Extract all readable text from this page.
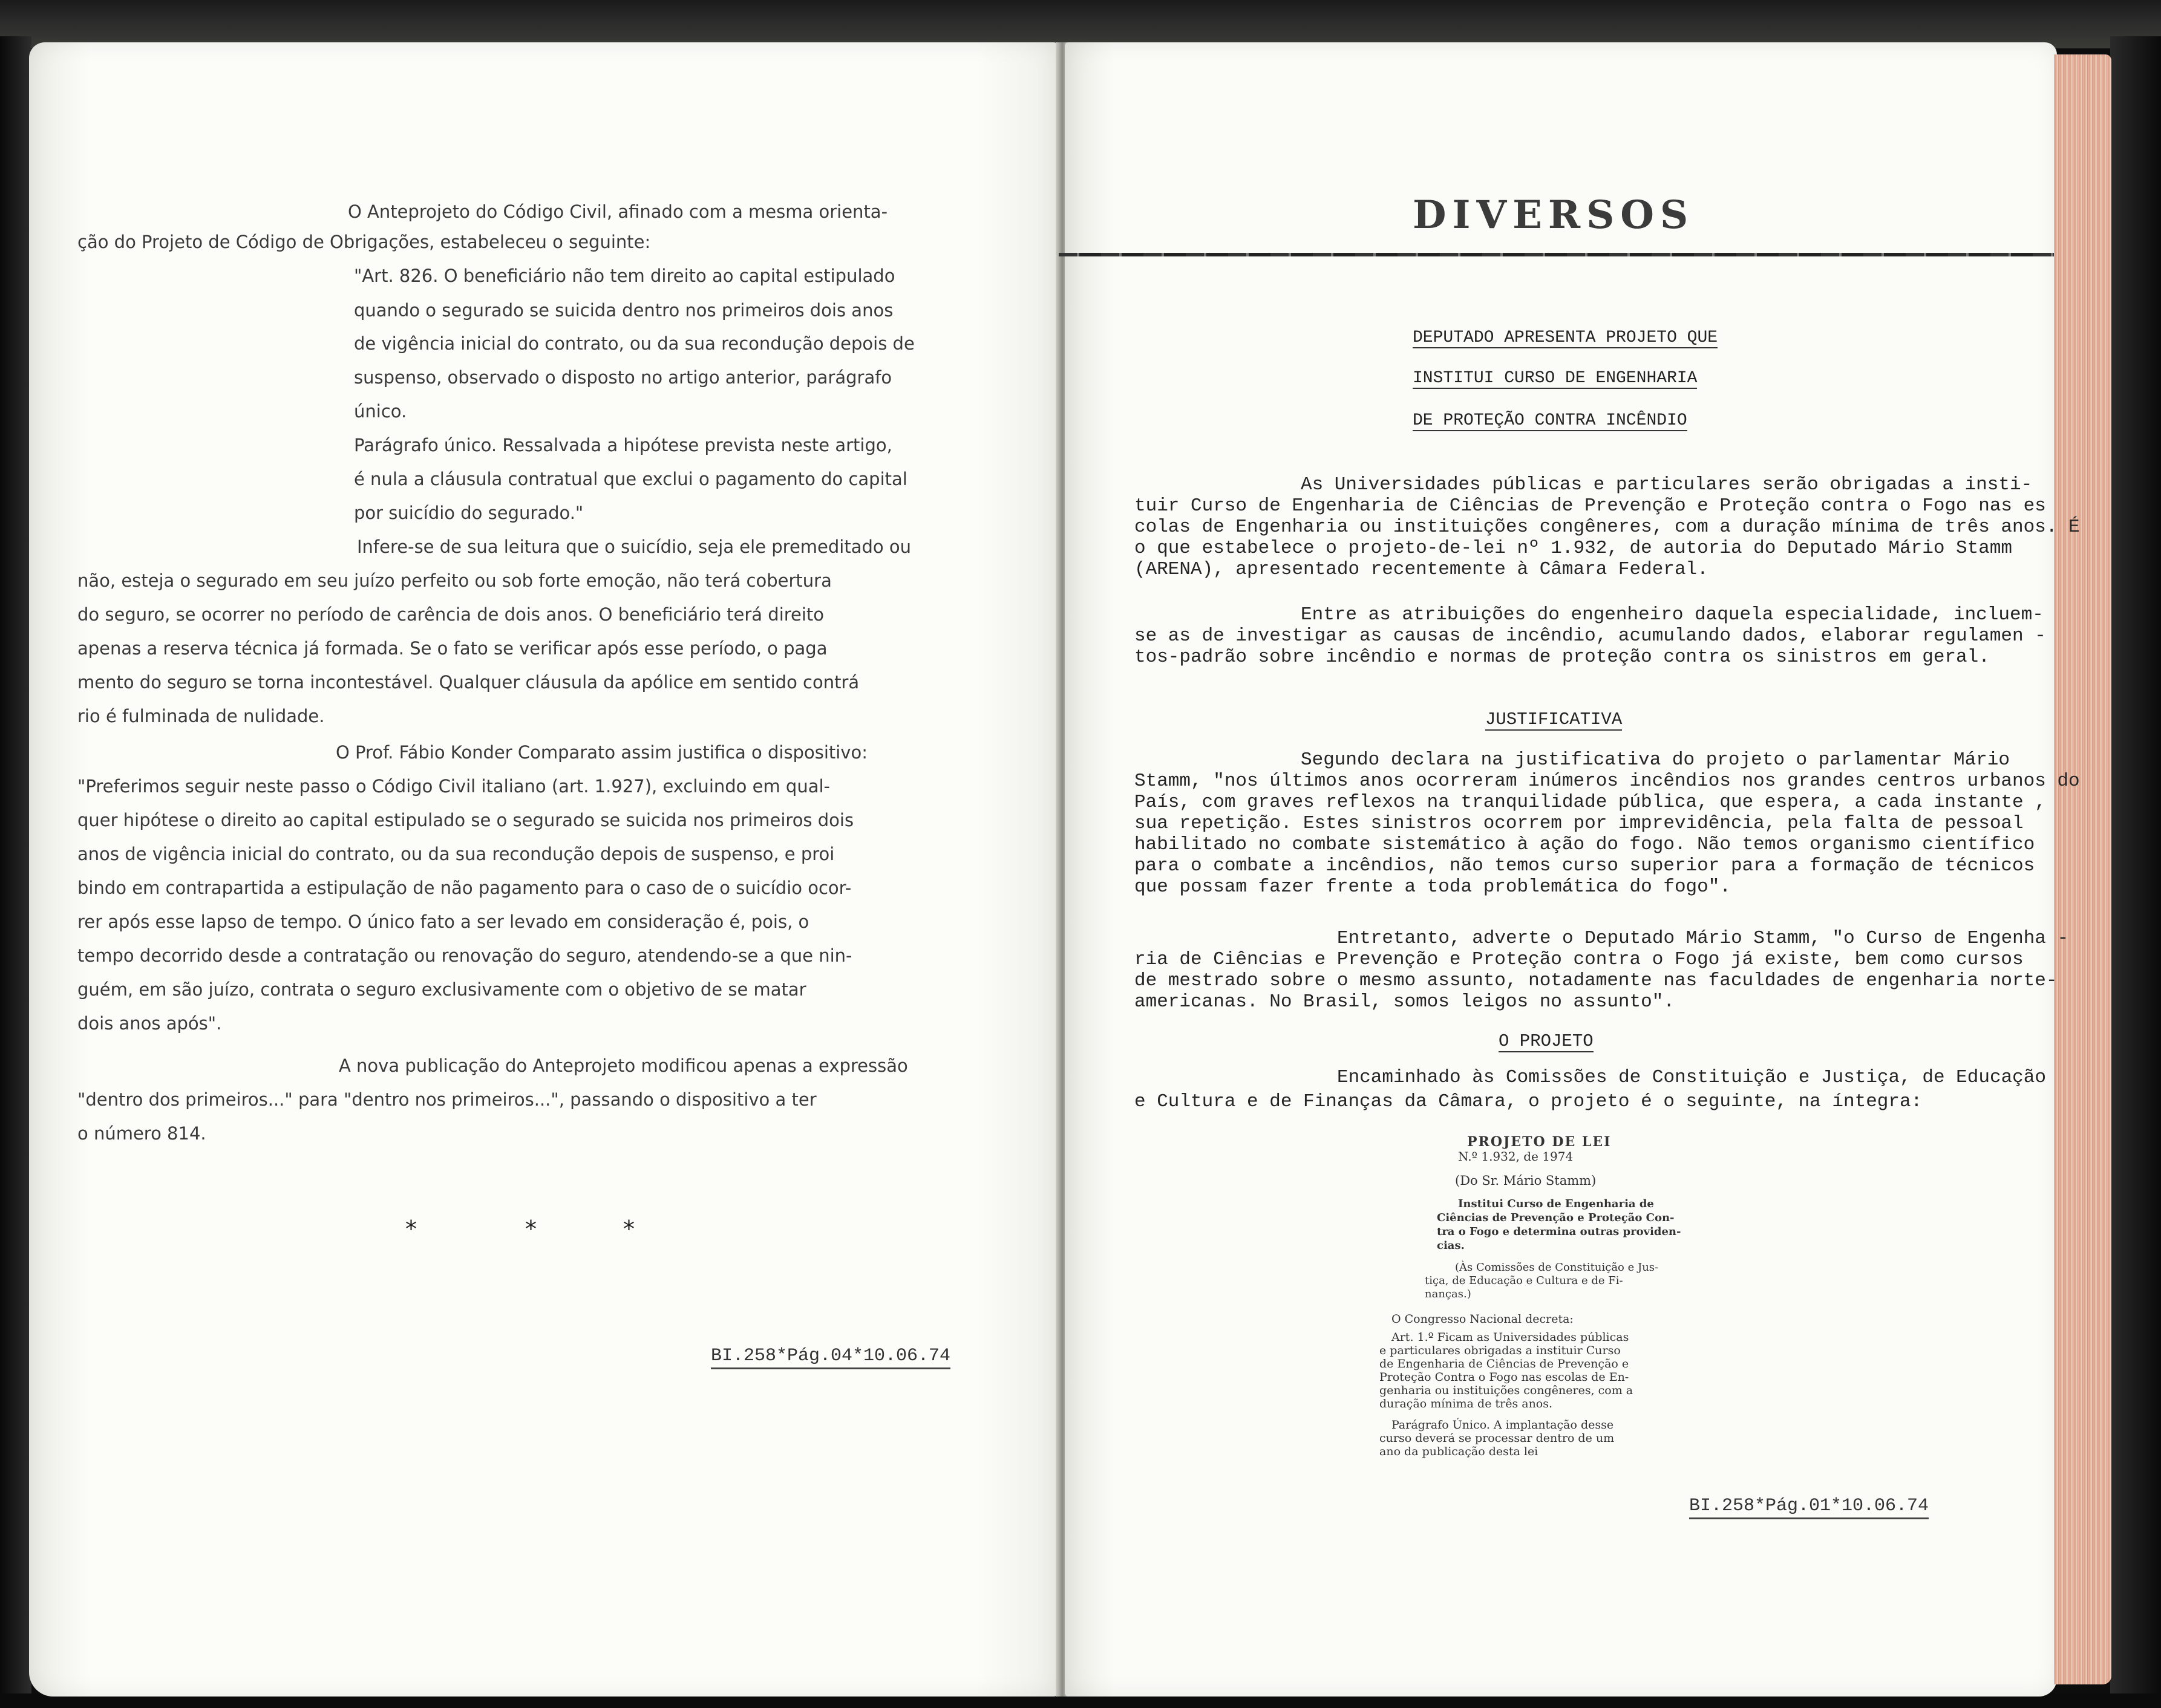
O Anteprojeto do Código Civil, afinado com a mesma orienta-

ção do Projeto de Código de Obrigações, estabeleceu o seguinte:

"Art. 826. O beneficiário não tem direito ao capital estipulado

quando o segurado se suicida dentro nos primeiros dois anos

de vigência inicial do contrato, ou da sua recondução depois de

suspenso, observado o disposto no artigo anterior, parágrafo

único.

Parágrafo único. Ressalvada a hipótese prevista neste artigo,

é nula a cláusula contratual que exclui o pagamento do capital

por suicídio do segurado."

Infere-se de sua leitura que o suicídio, seja ele premeditado ou

não, esteja o segurado em seu juízo perfeito ou sob forte emoção, não terá cobertura

do seguro, se ocorrer no período de carência de dois anos. O beneficiário terá direito

apenas a reserva técnica já formada. Se o fato se verificar após esse período, o paga

mento do seguro se torna incontestável. Qualquer cláusula da apólice em sentido contrá

rio é fulminada de nulidade.

O Prof. Fábio Konder Comparato assim justifica o dispositivo:

"Preferimos seguir neste passo o Código Civil italiano (art. 1.927), excluindo em qual-

quer hipótese o direito ao capital estipulado se o segurado se suicida nos primeiros dois

anos de vigência inicial do contrato, ou da sua recondução depois de suspenso, e proi

bindo em contrapartida a estipulação de não pagamento para o caso de o suicídio ocor-

rer após esse lapso de tempo. O único fato a ser levado em consideração é, pois, o

tempo decorrido desde a contratação ou renovação do seguro, atendendo-se a que nin-

guém, em são juízo, contrata o seguro exclusivamente com o objetivo de se matar

dois anos após".

A nova publicação do Anteprojeto modificou apenas a expressão

"dentro dos primeiros..." para "dentro nos primeiros...", passando o dispositivo a ter

o número 814.

*	*	*
BI.258*Pág.04*10.06.74
DIVERSOS
DEPUTADO APRESENTA PROJETO QUE
INSTITUI CURSO DE ENGENHARIA
DE PROTEÇÃO CONTRA INCÊNDIO

As Universidades públicas e particulares serão obrigadas a insti-

tuir Curso de Engenharia de Ciências de Prevenção e Proteção contra o Fogo nas es

colas de Engenharia ou instituições congêneres, com a duração mínima de três anos. É

o que estabelece o projeto-de-lei nº 1.932, de autoria do Deputado Mário Stamm

(ARENA), apresentado recentemente à Câmara Federal.

Entre as atribuições do engenheiro daquela especialidade, incluem-

se as de investigar as causas de incêndio, acumulando dados, elaborar regulamen -

tos-padrão sobre incêndio e normas de proteção contra os sinistros em geral.

Segundo declara na justificativa do projeto o parlamentar Mário

Stamm, "nos últimos anos ocorreram inúmeros incêndios nos grandes centros urbanos do

País, com graves reflexos na tranquilidade pública, que espera, a cada instante ,

sua repetição. Estes sinistros ocorrem por imprevidência, pela falta de pessoal

habilitado no combate sistemático à ação do fogo. Não temos organismo científico

para o combate a incêndios, não temos curso superior para a formação de técnicos

que possam fazer frente a toda problemática do fogo".

Entretanto, adverte o Deputado Mário Stamm, "o Curso de Engenha -

ria de Ciências e Prevenção e Proteção contra o Fogo já existe, bem como cursos

de mestrado sobre o mesmo assunto, notadamente nas faculdades de engenharia norte-

americanas. No Brasil, somos leigos no assunto".

Encaminhado às Comissões de Constituição e Justiça, de Educação

e Cultura e de Finanças da Câmara, o projeto é o seguinte, na íntegra:

JUSTIFICATIVA
O PROJETO

PROJETO DE LEI

N.º 1.932, de 1974

(Do Sr. Mário Stamm)

Institui Curso de Engenharia de

Ciências de Prevenção e Proteção Con-

tra o Fogo e determina outras providen-

cias.

(Às Comissões de Constituição e Jus-

tiça, de Educação e Cultura e de Fi-

nanças.)

O Congresso Nacional decreta:

Art. 1.º Ficam as Universidades públicas

e particulares obrigadas a instituir Curso

de Engenharia de Ciências de Prevenção e

Proteção Contra o Fogo nas escolas de En-

genharia ou instituições congêneres, com a

duração mínima de três anos.

Parágrafo Único. A implantação desse

curso deverá se processar dentro de um

ano da publicação desta lei

BI.258*Pág.01*10.06.74
